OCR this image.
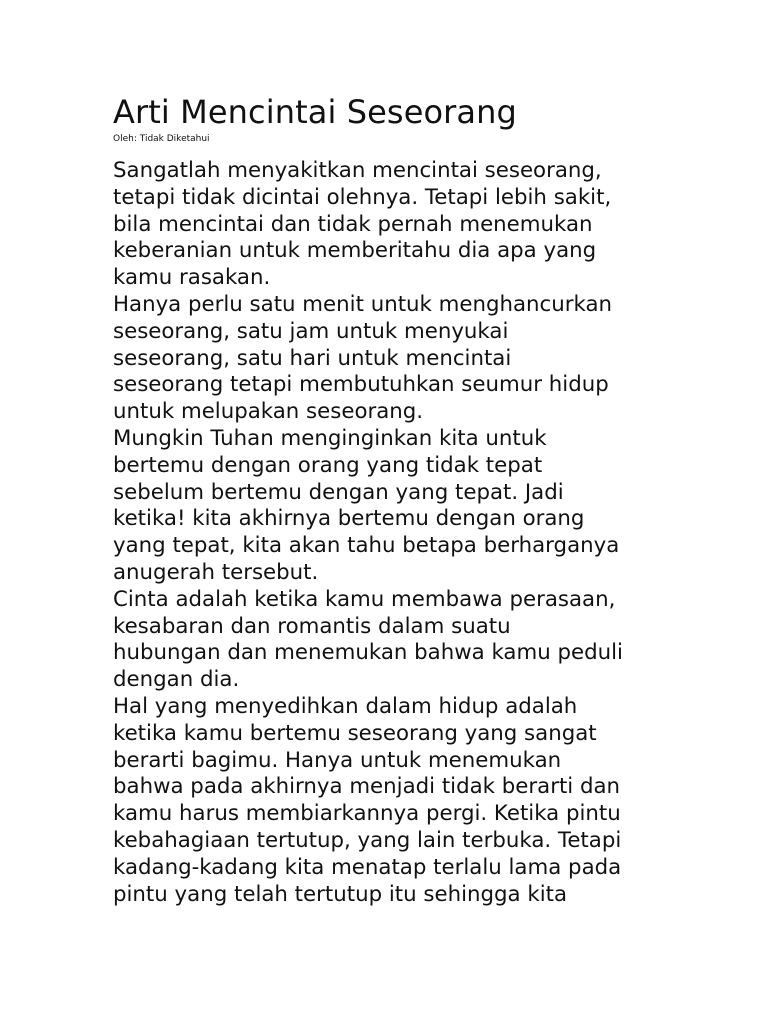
Arti Mencintai Seseorang
Oleh: Tidak Diketahui
Sangatlah menyakitkan mencintai seseorang,
tetapi tidak dicintai olehnya. Tetapi lebih sakit,
bila mencintai dan tidak pernah menemukan
keberanian untuk memberitahu dia apa yang
kamu rasakan.
Hanya perlu satu menit untuk menghancurkan
seseorang, satu jam untuk menyukai
seseorang, satu hari untuk mencintai
seseorang tetapi membutuhkan seumur hidup
untuk melupakan seseorang.
Mungkin Tuhan menginginkan kita untuk
bertemu dengan orang yang tidak tepat
sebelum bertemu dengan yang tepat. Jadi
ketika! kita akhirnya bertemu dengan orang
yang tepat, kita akan tahu betapa berharganya
anugerah tersebut.
Cinta adalah ketika kamu membawa perasaan,
kesabaran dan romantis dalam suatu
hubungan dan menemukan bahwa kamu peduli
dengan dia.
Hal yang menyedihkan dalam hidup adalah
ketika kamu bertemu seseorang yang sangat
berarti bagimu. Hanya untuk menemukan
bahwa pada akhirnya menjadi tidak berarti dan
kamu harus membiarkannya pergi. Ketika pintu
kebahagiaan tertutup, yang lain terbuka. Tetapi
kadang-kadang kita menatap terlalu lama pada
pintu yang telah tertutup itu sehingga kita
